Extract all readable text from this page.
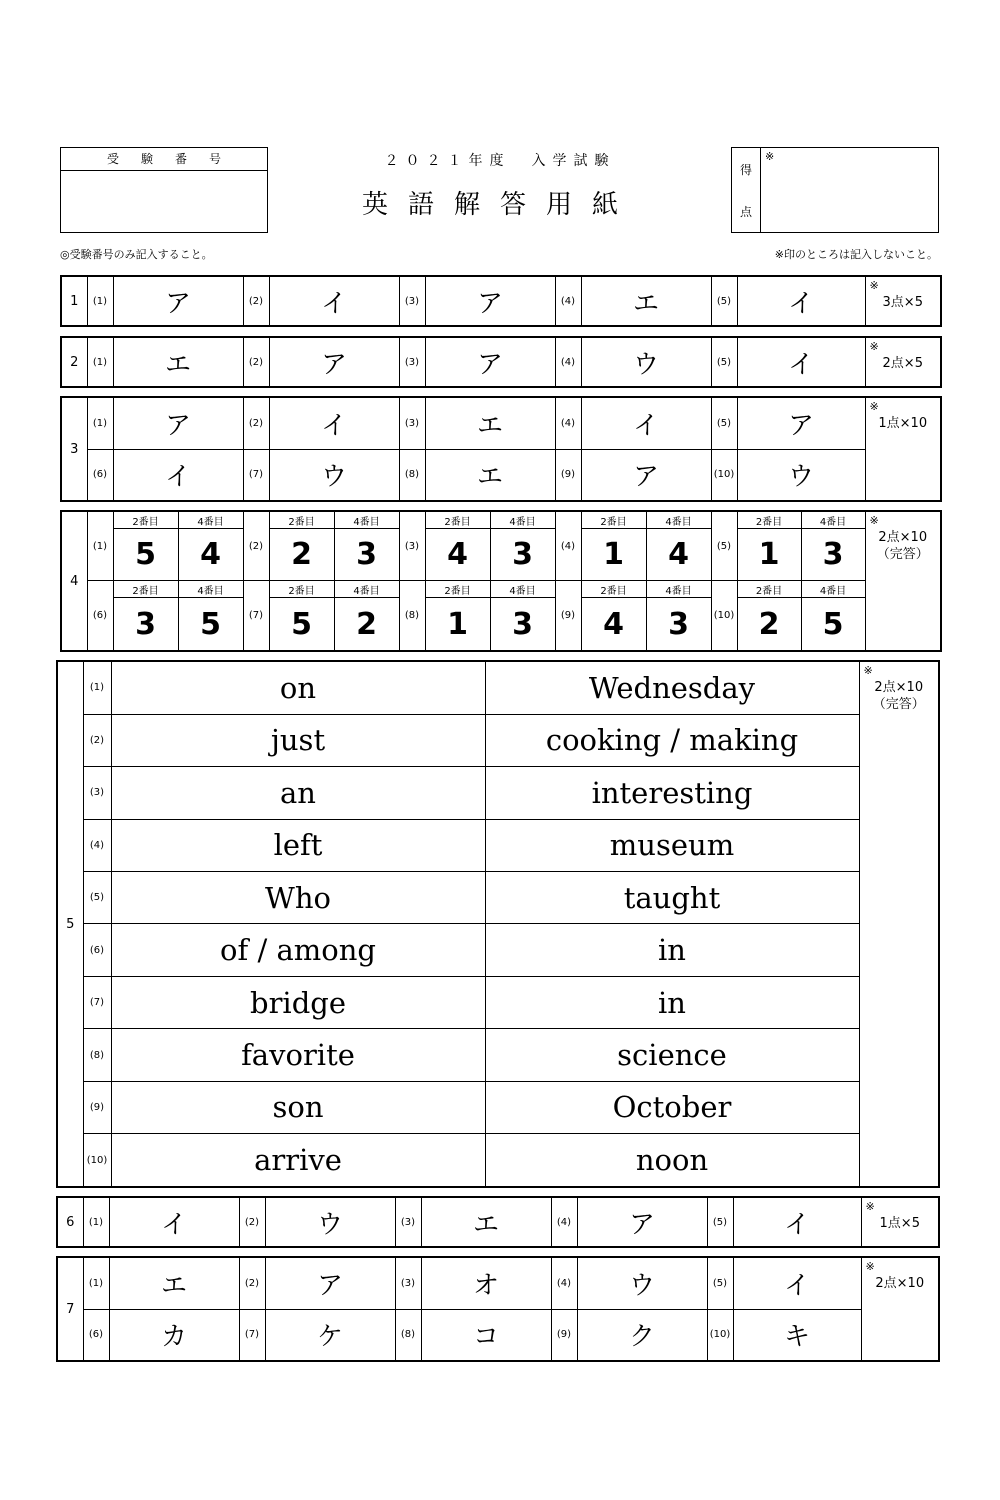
受験番号	２０２１年度　入学試験
英語解答用紙
得
点
※
◎受験番号のみ記入すること。	※印のところは記入しないこと。
1	(1)	ア	(2)	イ	(3)	ア	(4)	エ	(5)	イ	
※
3点×5
2	(1)	エ	(2)	ア	(3)	ア	(4)	ウ	(5)	イ	
※
2点×5
3	(1)	ア	(2)	イ	(3)	エ	(4)	イ	(5)	ア	※
1点×10

	(6)	イ	(7)	ウ	(8)	エ	(9)	ア	(10)	ウ	
4	(1)	2番目	4番目	(2)	2番目	4番目	(3)	2番目	4番目	(4)	2番目	4番目	(5)	2番目	4番目	※
2点×10
（完答）

		5	4		2	3		4	3		1	4		1	3	
	(6)	2番目	4番目	(7)	2番目	4番目	(8)	2番目	4番目	(9)	2番目	4番目	(10)	2番目	4番目	
		3	5		5	2		1	3		4	3		2	5	
5	(1)	on	Wednesday	※
2点×10
（完答）

	(2)	just	cooking / making	
	(3)	an	interesting	
	(4)	left	museum	
	(5)	Who	taught	
	(6)	of / among	in	
	(7)	bridge	in	
	(8)	favorite	science	
	(9)	son	October	
	(10)	arrive	noon	
6	(1)	イ	(2)	ウ	(3)	エ	(4)	ア	(5)	イ	
※
1点×5
7	(1)	エ	(2)	ア	(3)	オ	(4)	ウ	(5)	イ	※
2点×10

	(6)	カ	(7)	ケ	(8)	コ	(9)	ク	(10)	キ	
